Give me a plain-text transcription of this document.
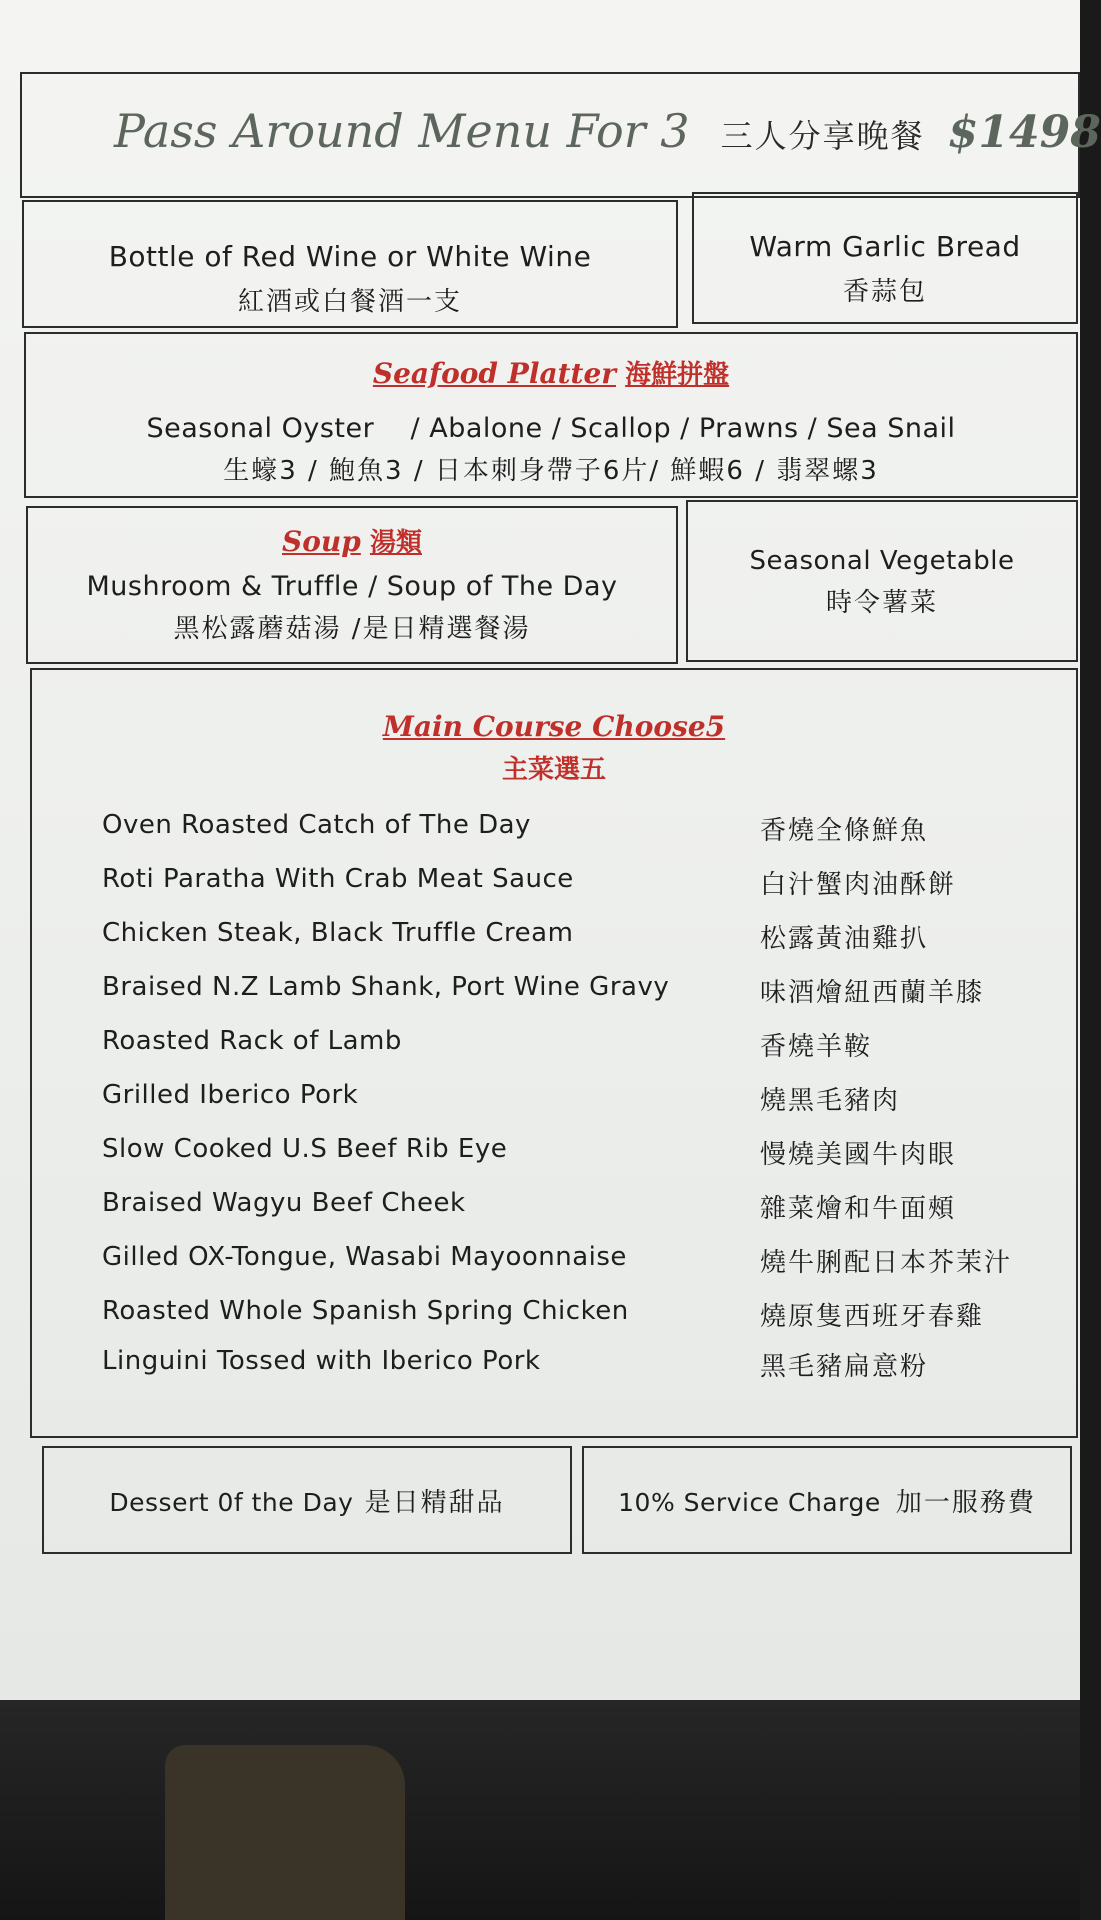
Pass Around Menu For 3 三人分享晚餐 $1498
Bottle of Red Wine or White Wine
紅酒或白餐酒一支
Warm Garlic Bread
香蒜包
Seafood Platter 海鮮拼盤
Seasonal Oyster    / Abalone / Scallop / Prawns / Sea Snail
生蠔3 / 鮑魚3 / 日本刺身帶子6片/ 鮮蝦6 / 翡翠螺3
Soup 湯類
Mushroom & Truffle / Soup of The Day
黑松露蘑菇湯 /是日精選餐湯
Seasonal Vegetable
時令薯菜
Main Course Choose5
主菜選五
Oven Roasted Catch of The Day	香燒全條鮮魚
Roti Paratha With Crab Meat Sauce	白汁蟹肉油酥餅
Chicken Steak, Black Truffle Cream	松露黃油雞扒
Braised N.Z Lamb Shank, Port Wine Gravy	味酒燴紐西蘭羊膝
Roasted Rack of Lamb	香燒羊鞍
Grilled Iberico Pork	燒黑毛豬肉
Slow Cooked U.S Beef Rib Eye	慢燒美國牛肉眼
Braised Wagyu Beef Cheek	雜菜燴和牛面頰
Gilled OX-Tongue, Wasabi Mayoonnaise	燒牛脷配日本芥茉汁
Roasted Whole Spanish Spring Chicken	燒原隻西班牙春雞
Linguini Tossed with Iberico Pork	黑毛豬扁意粉
Dessert 0f the Day 是日精甜品	10% Service Charge 加一服務費
